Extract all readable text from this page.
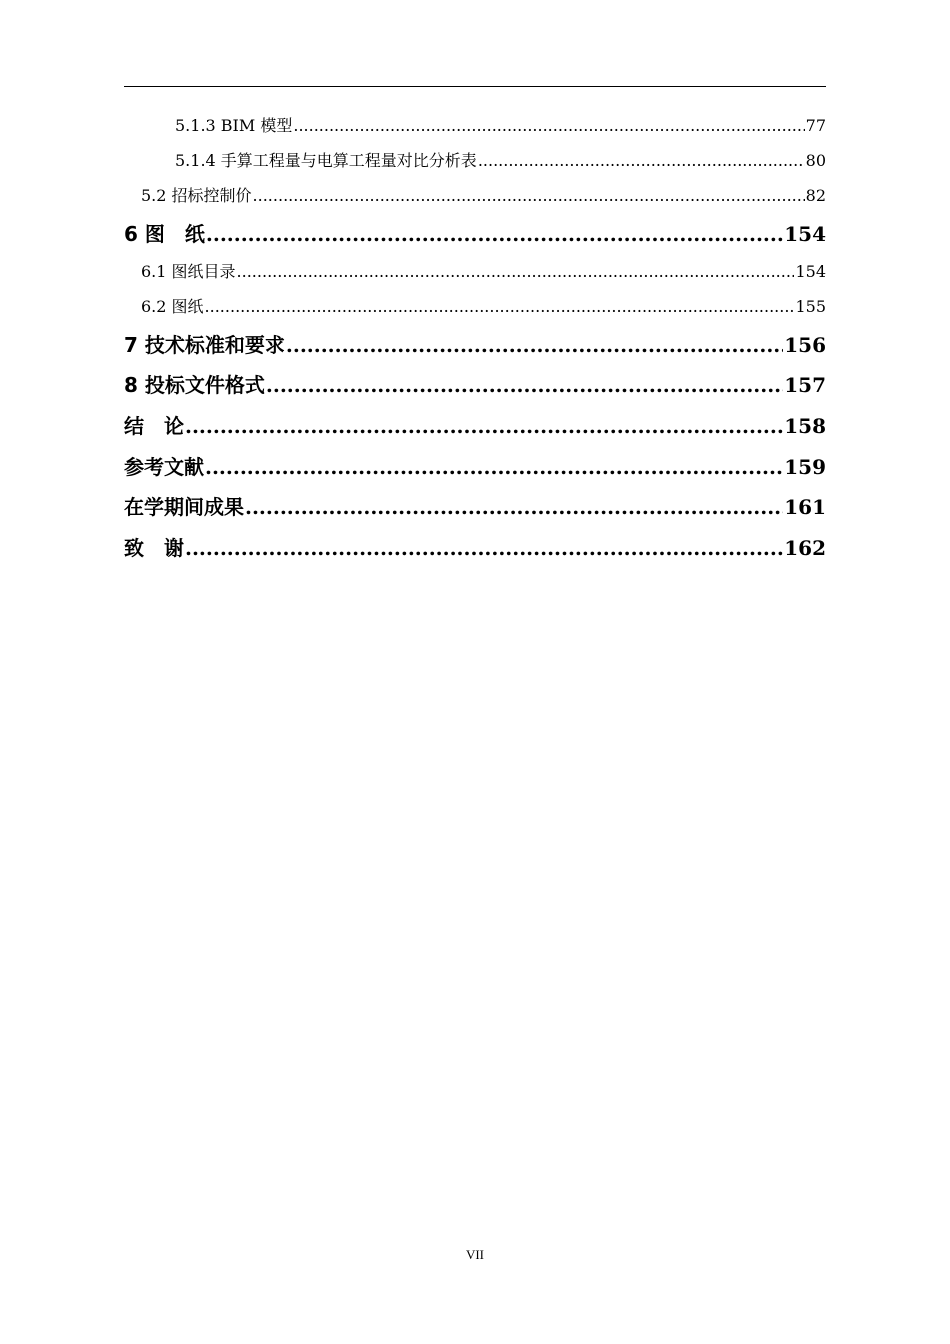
5.1.3 BIM 模型 .....	77
5.1.4 手算工程量与电算工程量对比分析表 .....	80
5.2 招标控制价 .....	82
6 图　纸 .....	154
6.1 图纸目录 .....	154
6.2 图纸 .....	155
7 技术标准和要求 .....	156
8 投标文件格式 .....	157
结　论 .....	158
参考文献 .....	159
在学期间成果 .....	161
致　谢 .....	162
VII
